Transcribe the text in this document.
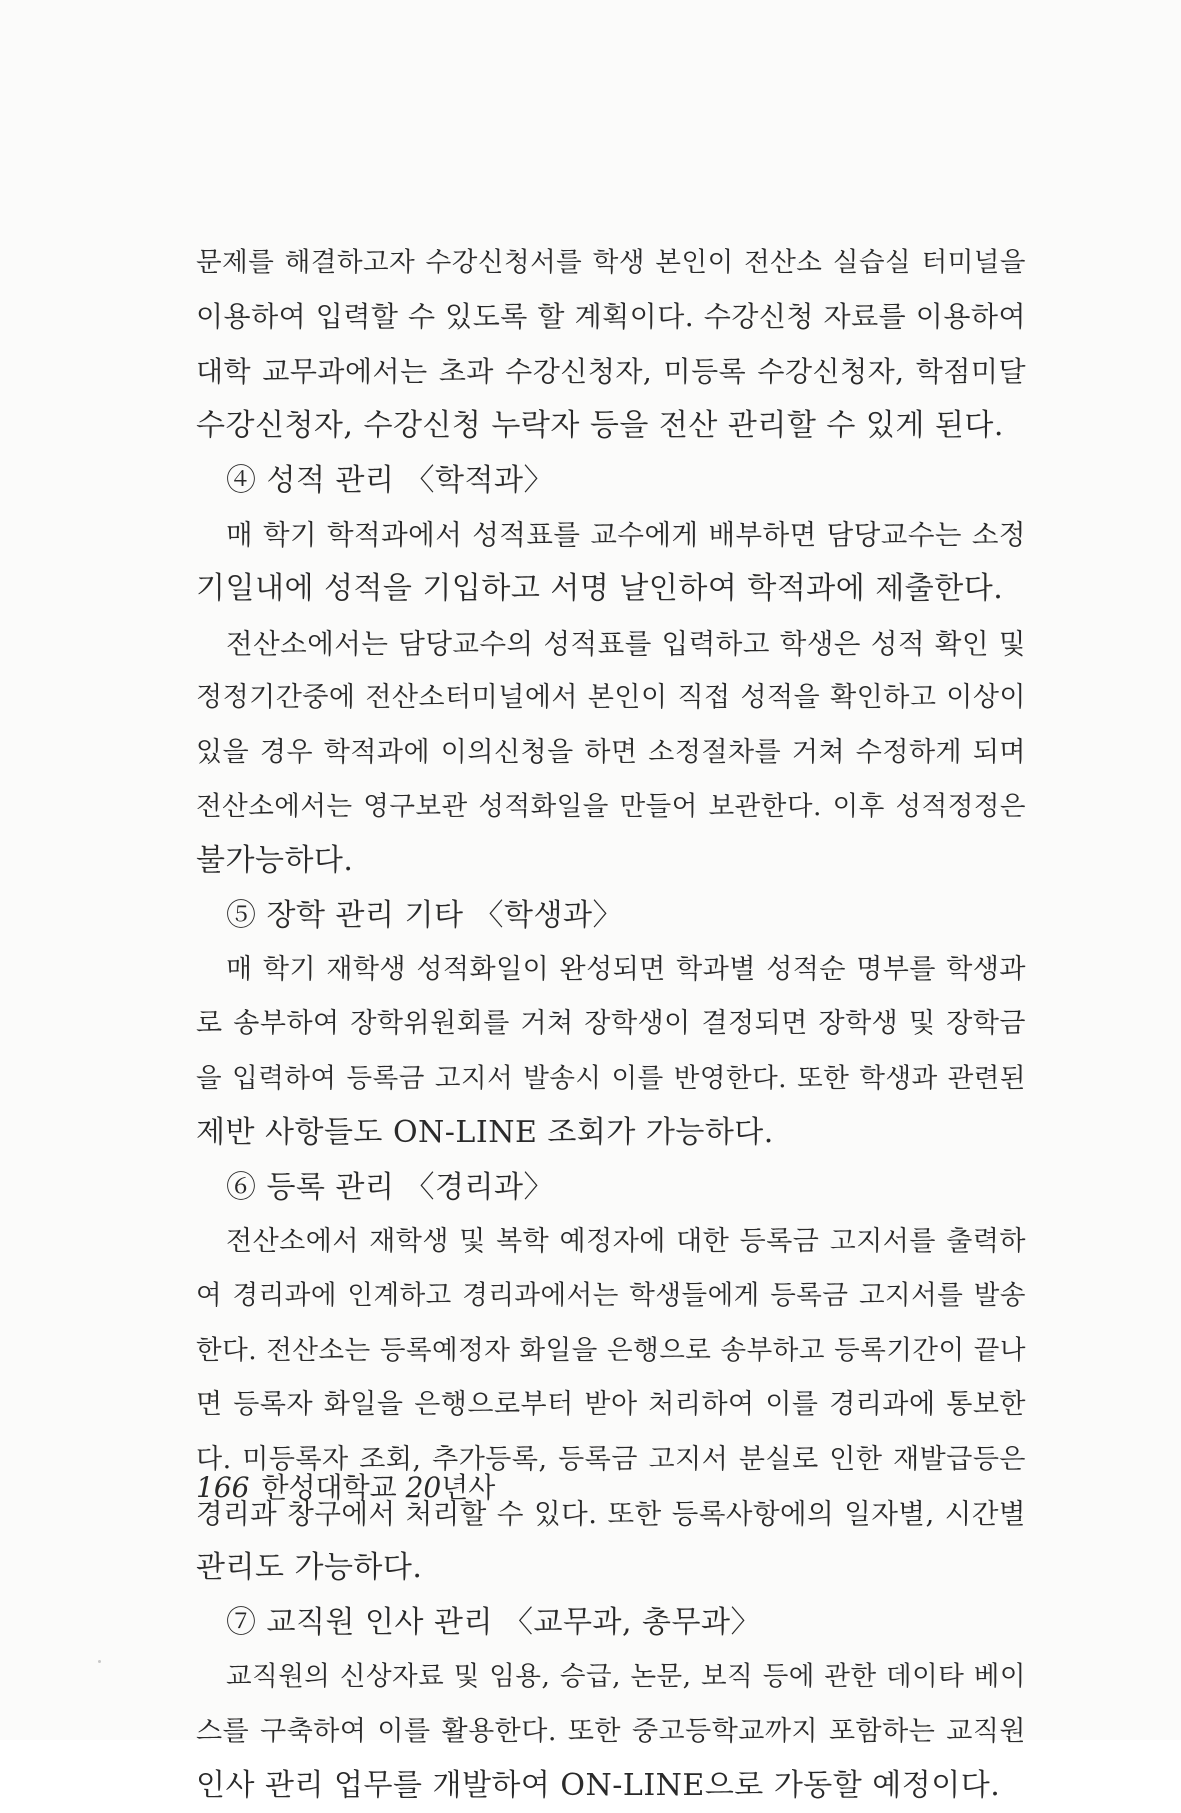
문제를 해결하고자 수강신청서를 학생 본인이 전산소 실습실 터미널을
이용하여 입력할 수 있도록 할 계획이다. 수강신청 자료를 이용하여
대학 교무과에서는 초과 수강신청자, 미등록 수강신청자, 학점미달
수강신청자, 수강신청 누락자 등을 전산 관리할 수 있게 된다.
④ 성적 관리 〈학적과〉
매 학기 학적과에서 성적표를 교수에게 배부하면 담당교수는 소정
기일내에 성적을 기입하고 서명 날인하여 학적과에 제출한다.
전산소에서는 담당교수의 성적표를 입력하고 학생은 성적 확인 및
정정기간중에 전산소터미널에서 본인이 직접 성적을 확인하고 이상이
있을 경우 학적과에 이의신청을 하면 소정절차를 거쳐 수정하게 되며
전산소에서는 영구보관 성적화일을 만들어 보관한다. 이후 성적정정은
불가능하다.
⑤ 장학 관리 기타 〈학생과〉
매 학기 재학생 성적화일이 완성되면 학과별 성적순 명부를 학생과
로 송부하여 장학위원회를 거쳐 장학생이 결정되면 장학생 및 장학금
을 입력하여 등록금 고지서 발송시 이를 반영한다. 또한 학생과 관련된
제반 사항들도 ON-LINE 조회가 가능하다.
⑥ 등록 관리 〈경리과〉
전산소에서 재학생 및 복학 예정자에 대한 등록금 고지서를 출력하
여 경리과에 인계하고 경리과에서는 학생들에게 등록금 고지서를 발송
한다. 전산소는 등록예정자 화일을 은행으로 송부하고 등록기간이 끝나
면 등록자 화일을 은행으로부터 받아 처리하여 이를 경리과에 통보한
다. 미등록자 조회, 추가등록, 등록금 고지서 분실로 인한 재발급등은
경리과 창구에서 처리할 수 있다. 또한 등록사항에의 일자별, 시간별
관리도 가능하다.
⑦ 교직원 인사 관리 〈교무과, 총무과〉
교직원의 신상자료 및 임용, 승급, 논문, 보직 등에 관한 데이타 베이
스를 구축하여 이를 활용한다. 또한 중고등학교까지 포함하는 교직원
인사 관리 업무를 개발하여 ON-LINE으로 가동할 예정이다.
166 한성대학교 20년사
